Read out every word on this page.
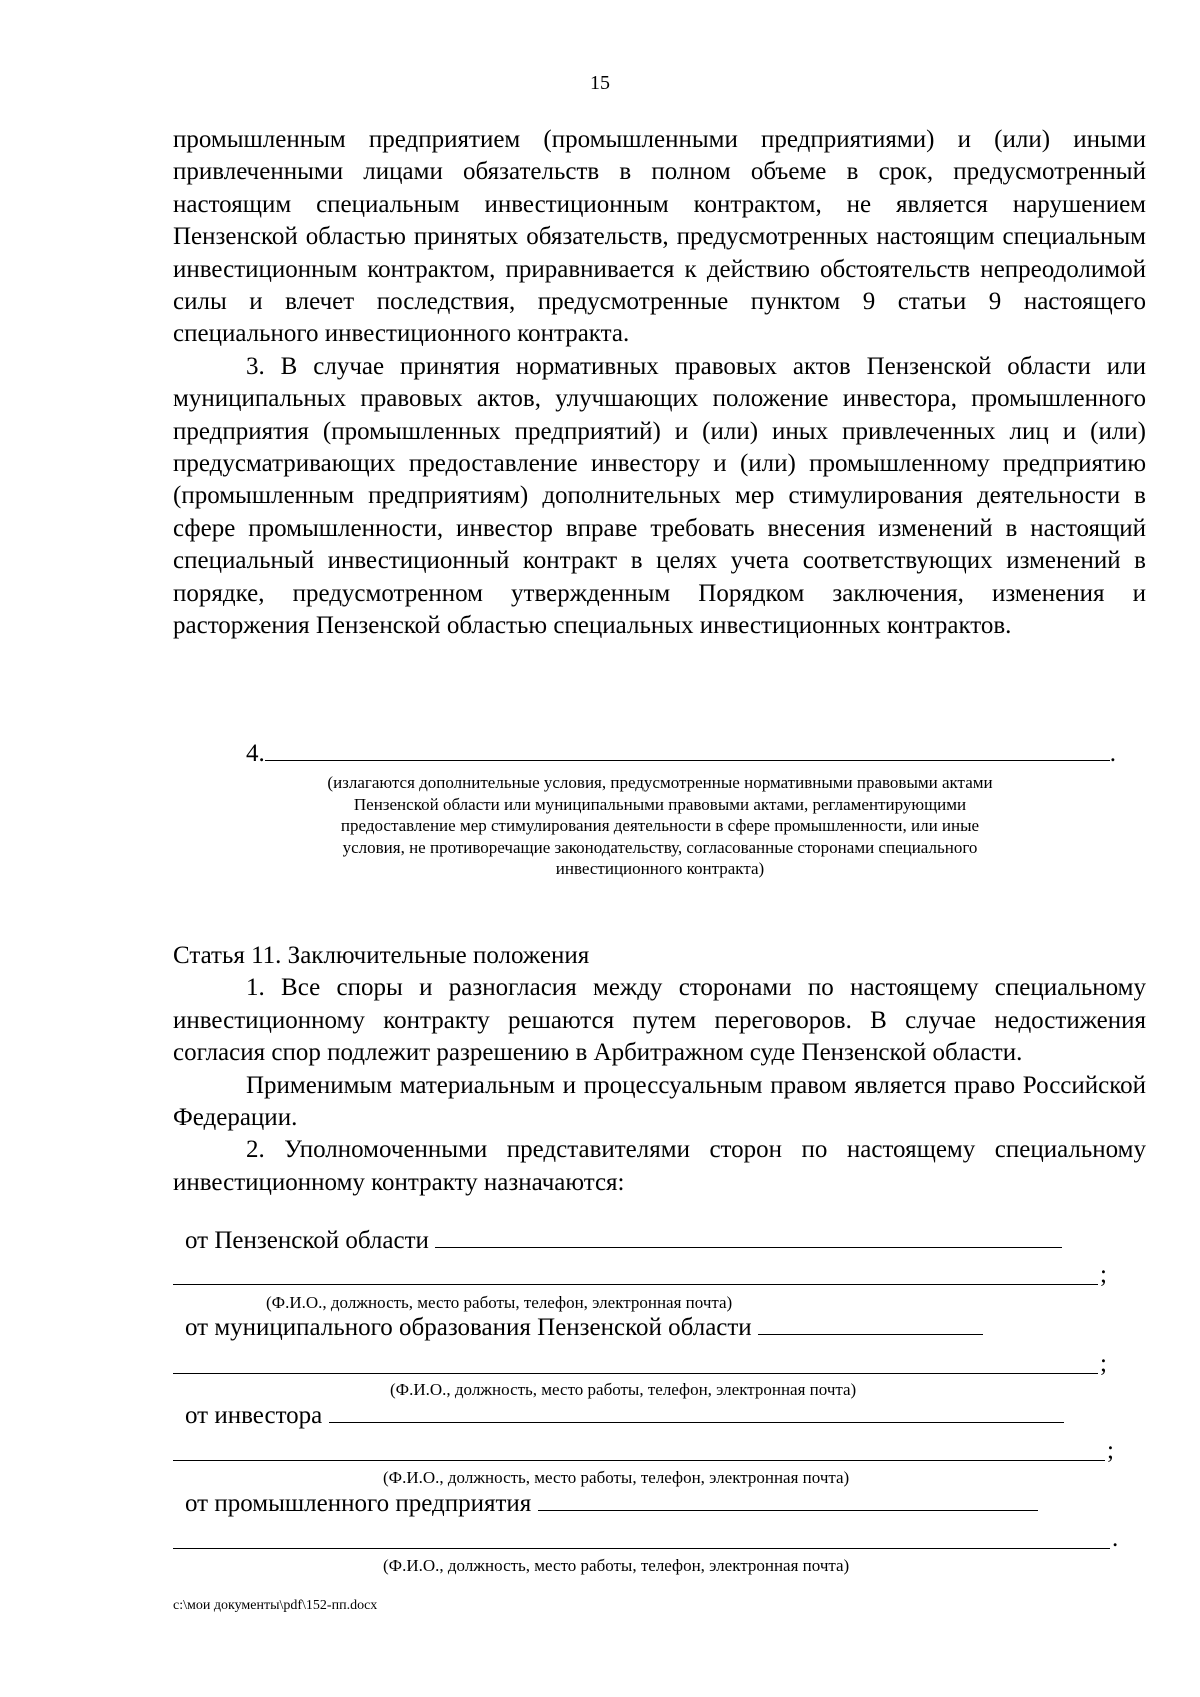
15

промышленным предприятием (промышленными предприятиями) и (или) иными привлеченными лицами обязательств в полном объеме в срок, предусмотренный настоящим специальным инвестиционным контрактом, не является нарушением Пензенской областью принятых обязательств, предусмотренных настоящим специальным инвестиционным контрактом, приравнивается к действию обстоятельств непреодолимой силы и влечет последствия, предусмотренные пунктом 9 статьи 9 настоящего специального инвестиционного контракта.

3. В случае принятия нормативных правовых актов Пензенской области или муниципальных правовых актов, улучшающих положение инвестора, промышленного предприятия (промышленных предприятий) и (или) иных привлеченных лиц и (или) предусматривающих предоставление инвестору и (или) промышленному предприятию (промышленным предприятиям) дополнительных мер стимулирования деятельности в сфере промышленности, инвестор вправе требовать внесения изменений в настоящий специальный инвестиционный контракт в целях учета соответствующих изменений в порядке, предусмотренном утвержденным Порядком заключения, изменения и расторжения Пензенской областью специальных инвестиционных контрактов.

4.	.

(излагаются дополнительные условия, предусмотренные нормативными правовыми актами Пензенской области или муниципальными правовыми актами, регламентирующими предоставление мер стимулирования деятельности в сфере промышленности, или иные условия, не противоречащие законодательству, согласованные сторонами специального инвестиционного контракта)

Статья 11. Заключительные положения

1. Все споры и разногласия между сторонами по настоящему специальному инвестиционному контракту решаются путем переговоров. В случае недостижения согласия спор подлежит разрешению в Арбитражном суде Пензенской области.

Применимым материальным и процессуальным правом является право Российской Федерации.

2. Уполномоченными представителями сторон по настоящему специальному инвестиционному контракту назначаются:

от Пензенской области
;
(Ф.И.О., должность, место работы, телефон, электронная почта)
от муниципального образования Пензенской области
;
(Ф.И.О., должность, место работы, телефон, электронная почта)
от инвестора
;
(Ф.И.О., должность, место работы, телефон, электронная почта)
от промышленного предприятия
.
(Ф.И.О., должность, место работы, телефон, электронная почта)
c:\мои документы\pdf\152-пп.docx
